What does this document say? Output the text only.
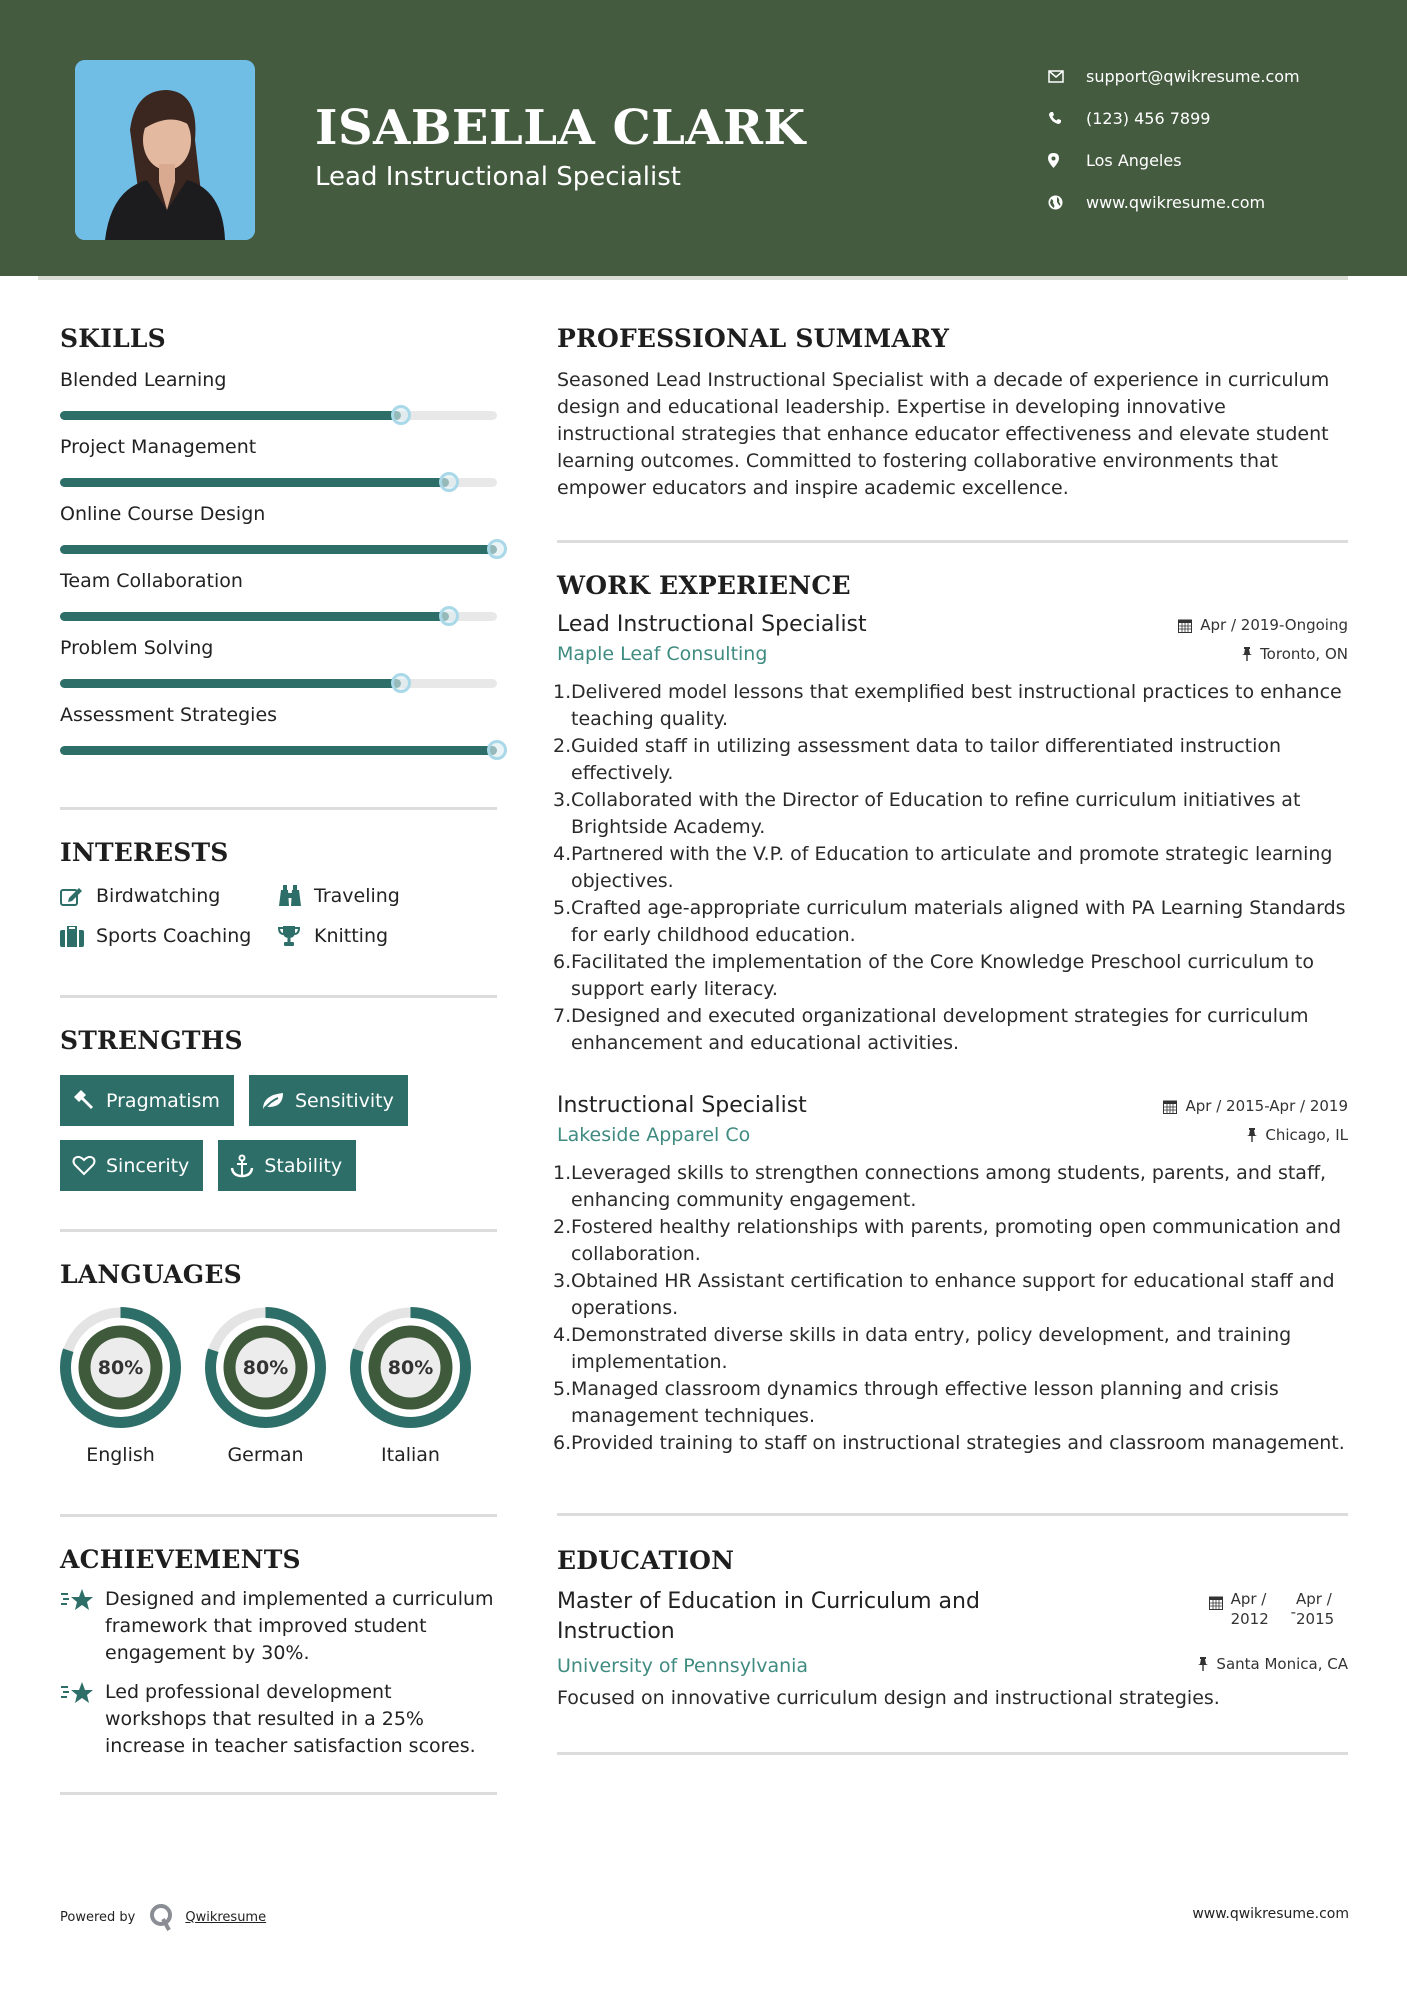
ISABELLA CLARK
Lead Instructional Specialist
support@qwikresume.com
(123) 456 7899
Los Angeles
www.qwikresume.com
SKILLS
Blended Learning
Project Management
Online Course Design
Team Collaboration
Problem Solving
Assessment Strategies
INTERESTS
Birdwatching	Traveling
Sports Coaching	Knitting
STRENGTHS
Pragmatism	Sensitivity
Sincerity	Stability
LANGUAGES
80%
English
80%
German
80%
Italian
ACHIEVEMENTS
Designed and implemented a curriculum framework that improved student engagement by 30%.
Led professional development workshops that resulted in a 25% increase in teacher satisfaction scores.
PROFESSIONAL SUMMARY
Seasoned Lead Instructional Specialist with a decade of experience in curriculum design and educational leadership. Expertise in developing innovative instructional strategies that enhance educator effectiveness and elevate student learning outcomes. Committed to fostering collaborative environments that empower educators and inspire academic excellence.
WORK EXPERIENCE
Lead Instructional Specialist	Apr / 2019-Ongoing
Maple Leaf Consulting	Toronto, ON
1. Delivered model lessons that exemplified best instructional practices to enhance teaching quality.
2. Guided staff in utilizing assessment data to tailor differentiated instruction effectively.
3. Collaborated with the Director of Education to refine curriculum initiatives at Brightside Academy.
4. Partnered with the V.P. of Education to articulate and promote strategic learning objectives.
5. Crafted age-appropriate curriculum materials aligned with PA Learning Standards for early childhood education.
6. Facilitated the implementation of the Core Knowledge Preschool curriculum to support early literacy.
7. Designed and executed organizational development strategies for curriculum enhancement and educational activities.
Instructional Specialist	Apr / 2015-Apr / 2019
Lakeside Apparel Co	Chicago, IL
1. Leveraged skills to strengthen connections among students, parents, and staff, enhancing community engagement.
2. Fostered healthy relationships with parents, promoting open communication and collaboration.
3. Obtained HR Assistant certification to enhance support for educational staff and operations.
4. Demonstrated diverse skills in data entry, policy development, and training implementation.
5. Managed classroom dynamics through effective lesson planning and crisis management techniques.
6. Provided training to staff on instructional strategies and classroom management.
EDUCATION
Master of Education in Curriculum and Instruction
Apr / 2012	-
Apr / 2015
University of Pennsylvania	Santa Monica, CA
Focused on innovative curriculum design and instructional strategies.
Powered by	Qwikresume	www.qwikresume.com
